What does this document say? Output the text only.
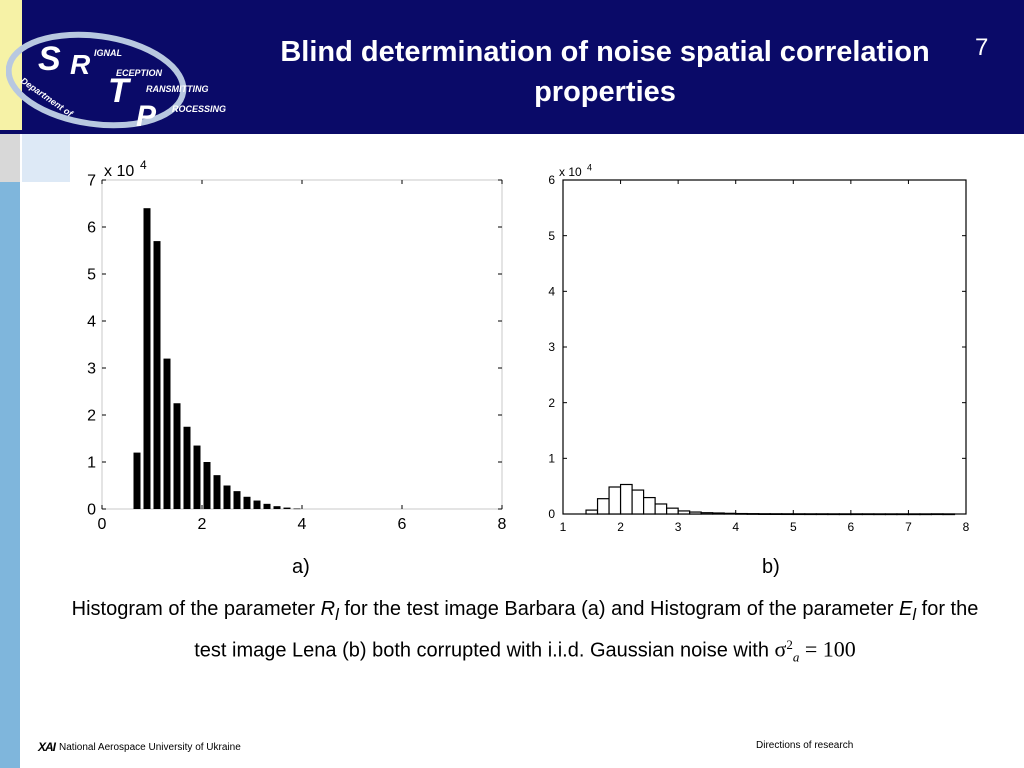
S R
T
P
IGNAL
ECEPTION
RANSMITTING
ROCESSING
Department of
Blind determination of noise spatial correlation properties
7
0	2	4	6	8
0
1
2
3
4
5
6
7
x 10 4
1	2	3	4	5	6	7	8
0
1
2
3
4
5
6
x 10 4
a)	b)
Histogram of the parameter $R_l$ for the test image Barbara (a) and Histogram of the parameter $E_l$ for the test image Lena (b) both corrupted with i.i.d. Gaussian noise with $\sigma^2_a = 100$
XAI National Aerospace University of Ukraine	Directions of research
